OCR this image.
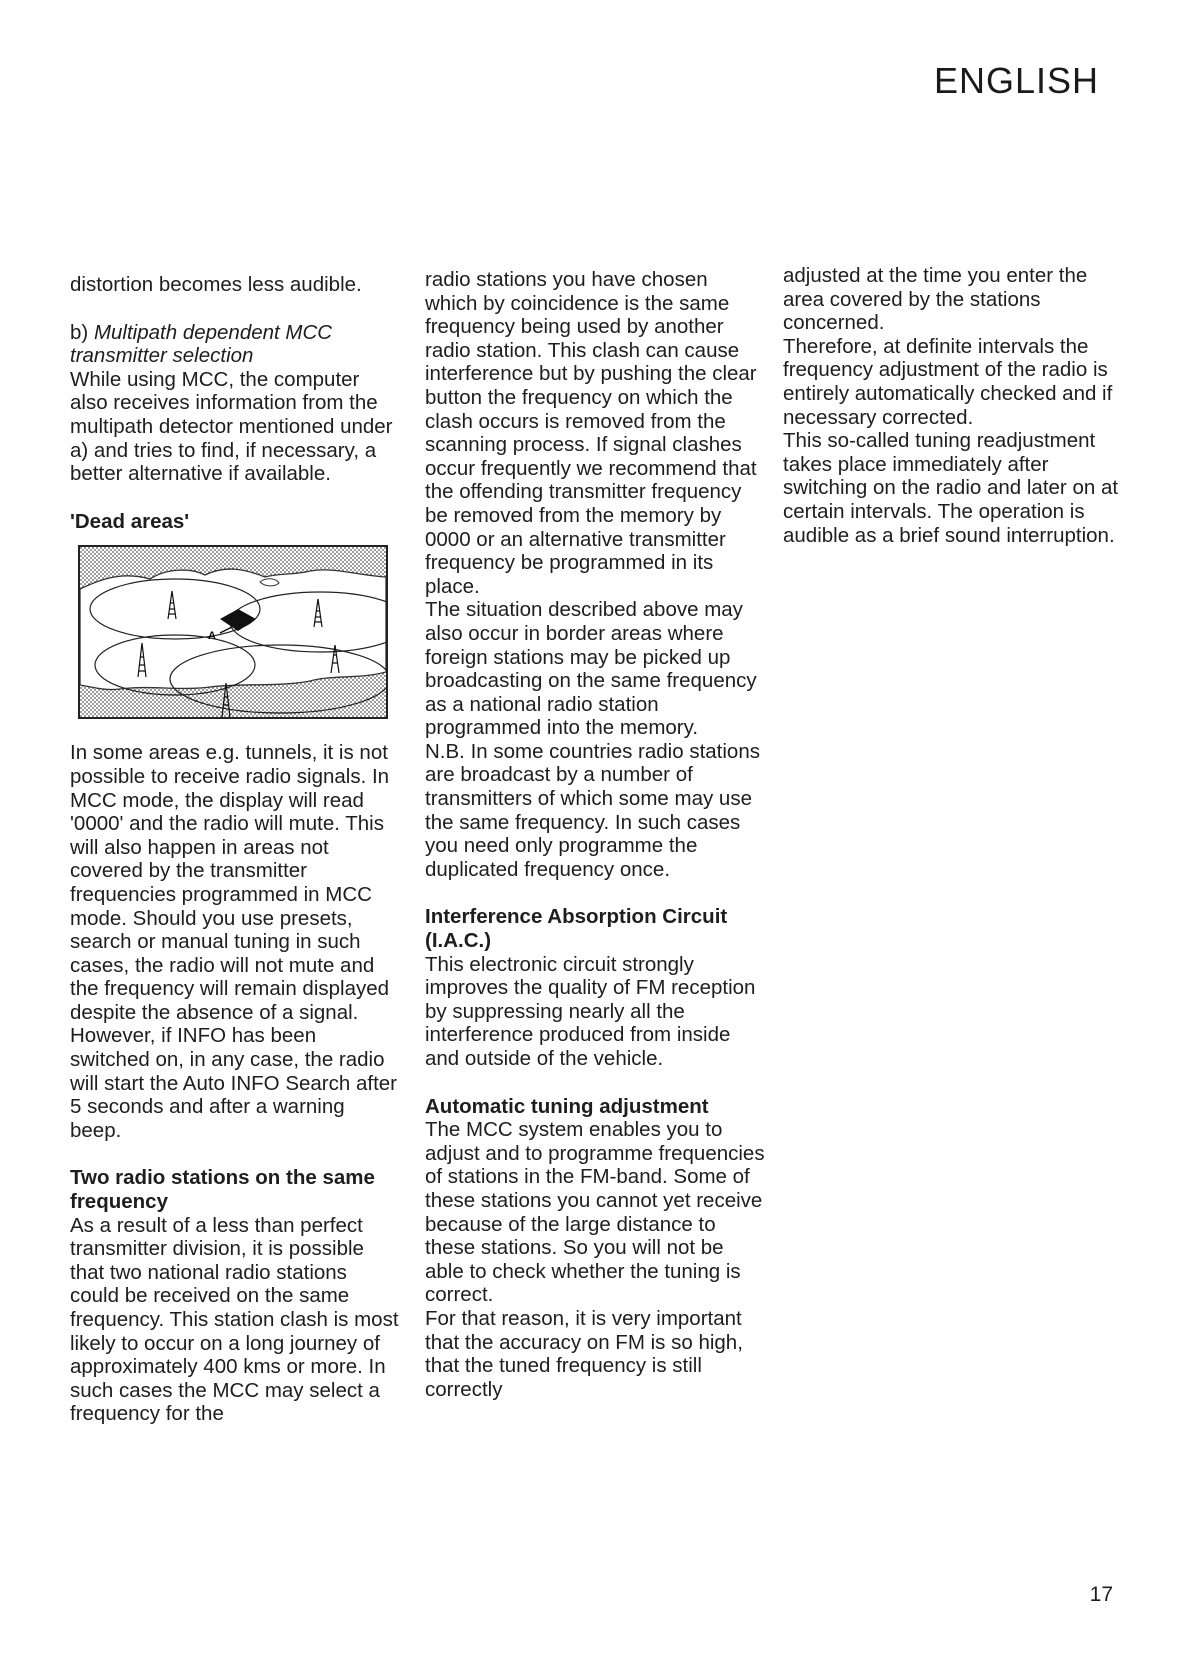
ENGLISH

distortion becomes less audible.

b) Multipath dependent MCC transmitter selection

While using MCC, the computer also receives information from the multipath detector mentioned under a) and tries to find, if necessary, a better alternative if available.

'Dead areas'

A

In some areas e.g. tunnels, it is not possible to receive radio signals. In MCC mode, the display will read '0000' and the radio will mute. This will also happen in areas not covered by the transmitter frequencies programmed in MCC mode. Should you use presets, search or manual tuning in such cases, the radio will not mute and the frequency will remain displayed despite the absence of a signal.

However, if INFO has been switched on, in any case, the radio will start the Auto INFO Search after 5 seconds and after a warning beep.

Two radio stations on the same frequency

As a result of a less than perfect transmitter division, it is possible that two national radio stations could be received on the same frequency. This station clash is most likely to occur on a long journey of approximately 400 kms or more. In such cases the MCC may select a frequency for the

radio stations you have chosen which by coincidence is the same frequency being used by another radio station. This clash can cause interference but by pushing the clear button the frequency on which the clash occurs is removed from the scanning process. If signal clashes occur frequently we recommend that the offending transmitter frequency be removed from the memory by 0000 or an alternative transmitter frequency be programmed in its place.

The situation described above may also occur in border areas where foreign stations may be picked up broadcasting on the same frequency as a national radio station programmed into the memory.

N.B. In some countries radio stations are broadcast by a number of transmitters of which some may use the same frequency. In such cases you need only programme the duplicated frequency once.

Interference Absorption Circuit (I.A.C.)

This electronic circuit strongly improves the quality of FM reception by suppressing nearly all the interference produced from inside and outside of the vehicle.

Automatic tuning adjustment

The MCC system enables you to adjust and to programme frequencies of stations in the FM-band. Some of these stations you cannot yet receive because of the large distance to these stations. So you will not be able to check whether the tuning is correct.

For that reason, it is very important that the accuracy on FM is so high, that the tuned frequency is still correctly

adjusted at the time you enter the area covered by the stations concerned.

Therefore, at definite intervals the frequency adjustment of the radio is entirely automatically checked and if necessary corrected.

This so-called tuning readjustment takes place immediately after switching on the radio and later on at certain intervals. The operation is audible as a brief sound interruption.

17
